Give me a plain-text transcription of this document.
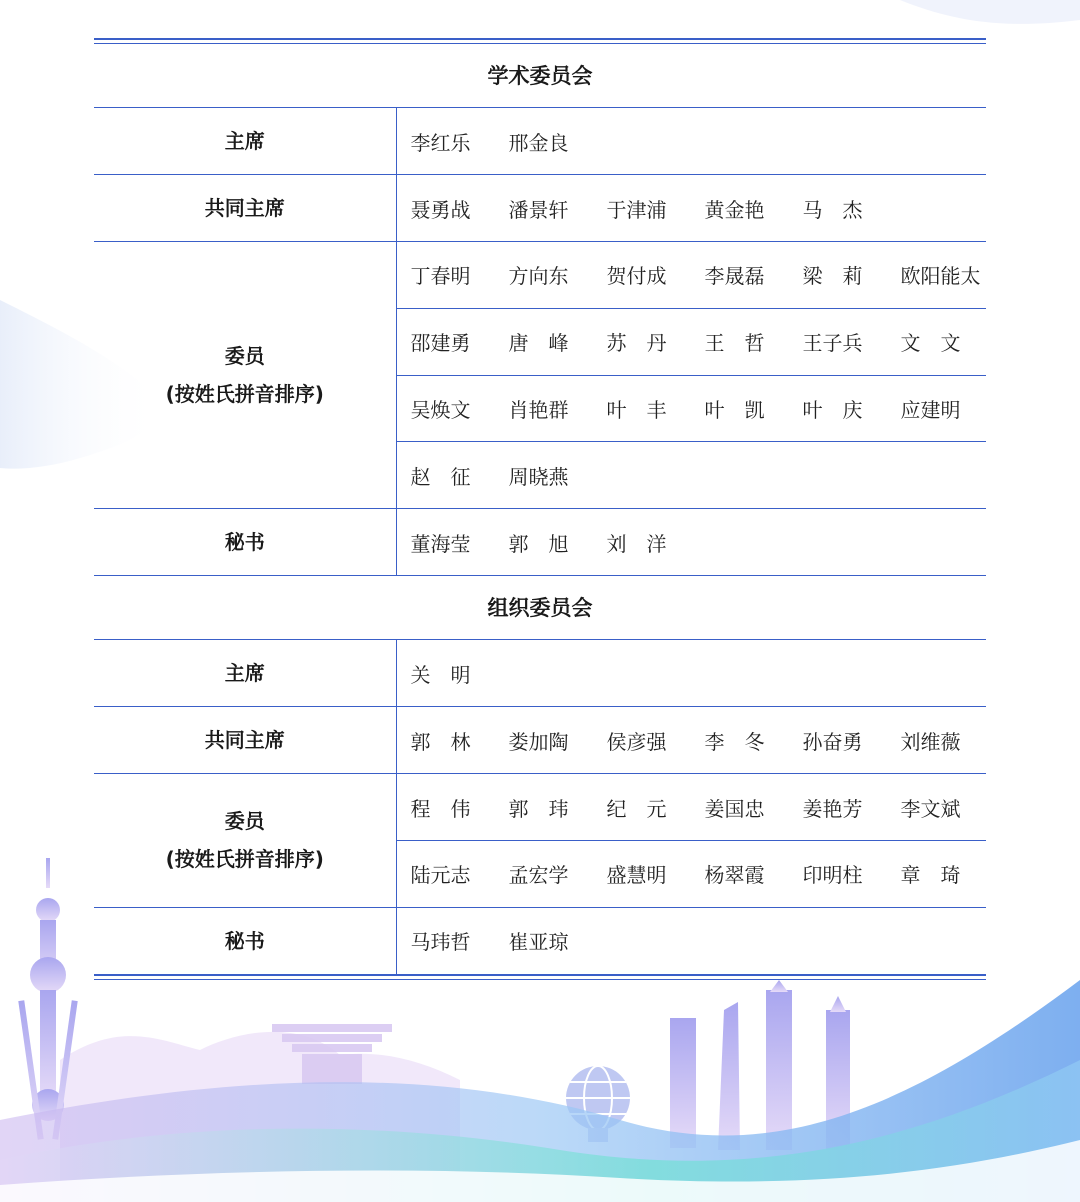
学术委员会
主席	李红乐 邢金良
共同主席	聂勇战 潘景轩 于津浦 黄金艳 马　杰

委员
(按姓氏拼音排序)	丁春明 方向东 贺付成 李晟磊 梁　莉 欧阳能太
	邵建勇 唐　峰 苏　丹 王　哲 王子兵 文　文
	吴焕文 肖艳群 叶　丰 叶　凯 叶　庆 应建明
	赵　征 周晓燕
秘书	董海莹 郭　旭 刘　洋
组织委员会
主席	关　明
共同主席	郭　林 娄加陶 侯彦强 李　冬 孙奋勇 刘维薇

委员
(按姓氏拼音排序)	程　伟 郭　玮 纪　元 姜国忠 姜艳芳 李文斌
	陆元志 孟宏学 盛慧明 杨翠霞 印明柱 章　琦
秘书	马玮哲 崔亚琼
